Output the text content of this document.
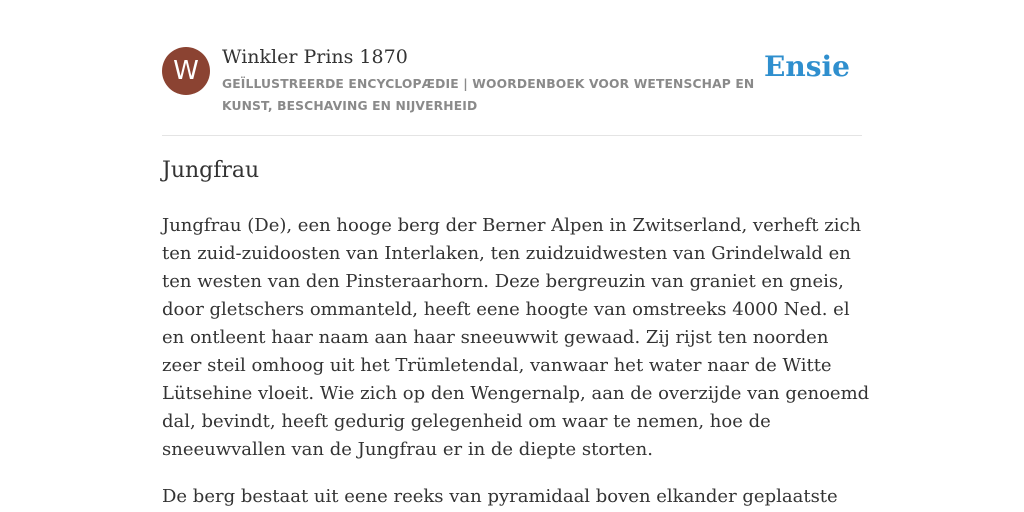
W	Winkler Prins 1870
GEÏLLUSTREERDE ENCYCLOPÆDIE | WOORDENBOEK VOOR WETENSCHAP EN KUNST, BESCHAVING EN NIJVERHEID
Ensie
Jungfrau

Jungfrau (De), een hooge berg der Berner Alpen in Zwitserland, verheft zich ten zuid-zuidoosten van Interlaken, ten zuidzuidwesten van Grindelwald en ten westen van den Pinsteraarhorn. Deze bergreuzin van graniet en gneis, door gletschers ommanteld, heeft eene hoogte van omstreeks 4000 Ned. el en ontleent haar naam aan haar sneeuwwit gewaad. Zij rijst ten noorden zeer steil omhoog uit het Trümletendal, vanwaar het water naar de Witte Lütsehine vloeit. Wie zich op den Wengernalp, aan de overzijde van genoemd dal, bevindt, heeft gedurig gelegenheid om waar te nemen, hoe de sneeuwvallen van de Jungfrau er in de diepte storten.

De berg bestaat uit eene reeks van pyramidaal boven elkander geplaatste
